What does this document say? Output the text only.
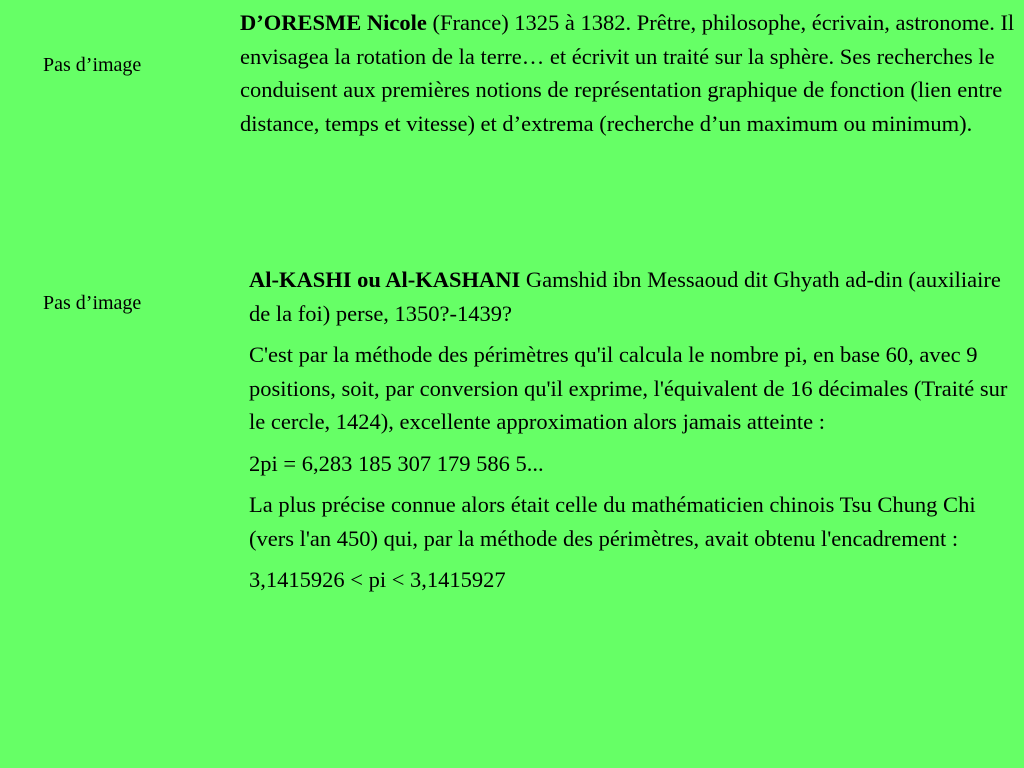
Pas d’image

D’ORESME Nicole (France) 1325 à 1382. Prêtre, philosophe, écrivain, astronome. Il envisagea la rotation de la terre… et écrivit un traité sur la sphère. Ses recherches le conduisent aux premières notions de représentation graphique de fonction (lien entre distance, temps et vitesse) et d’extrema (recherche d’un maximum ou minimum).

Pas d’image

Al-KASHI ou Al-KASHANI Gamshid ibn Messaoud dit Ghyath ad-din (auxiliaire de la foi) perse, 1350?-1439?

C'est par la méthode des périmètres qu'il calcula le nombre pi, en base 60, avec 9 positions, soit, par conversion qu'il exprime, l'équivalent de 16 décimales (Traité sur le cercle, 1424), excellente approximation alors jamais atteinte :

2pi = 6,283 185 307 179 586 5...

La plus précise connue alors était celle du mathématicien chinois Tsu Chung Chi (vers l'an 450) qui, par la méthode des périmètres, avait obtenu l'encadrement :

3,1415926 < pi < 3,1415927
